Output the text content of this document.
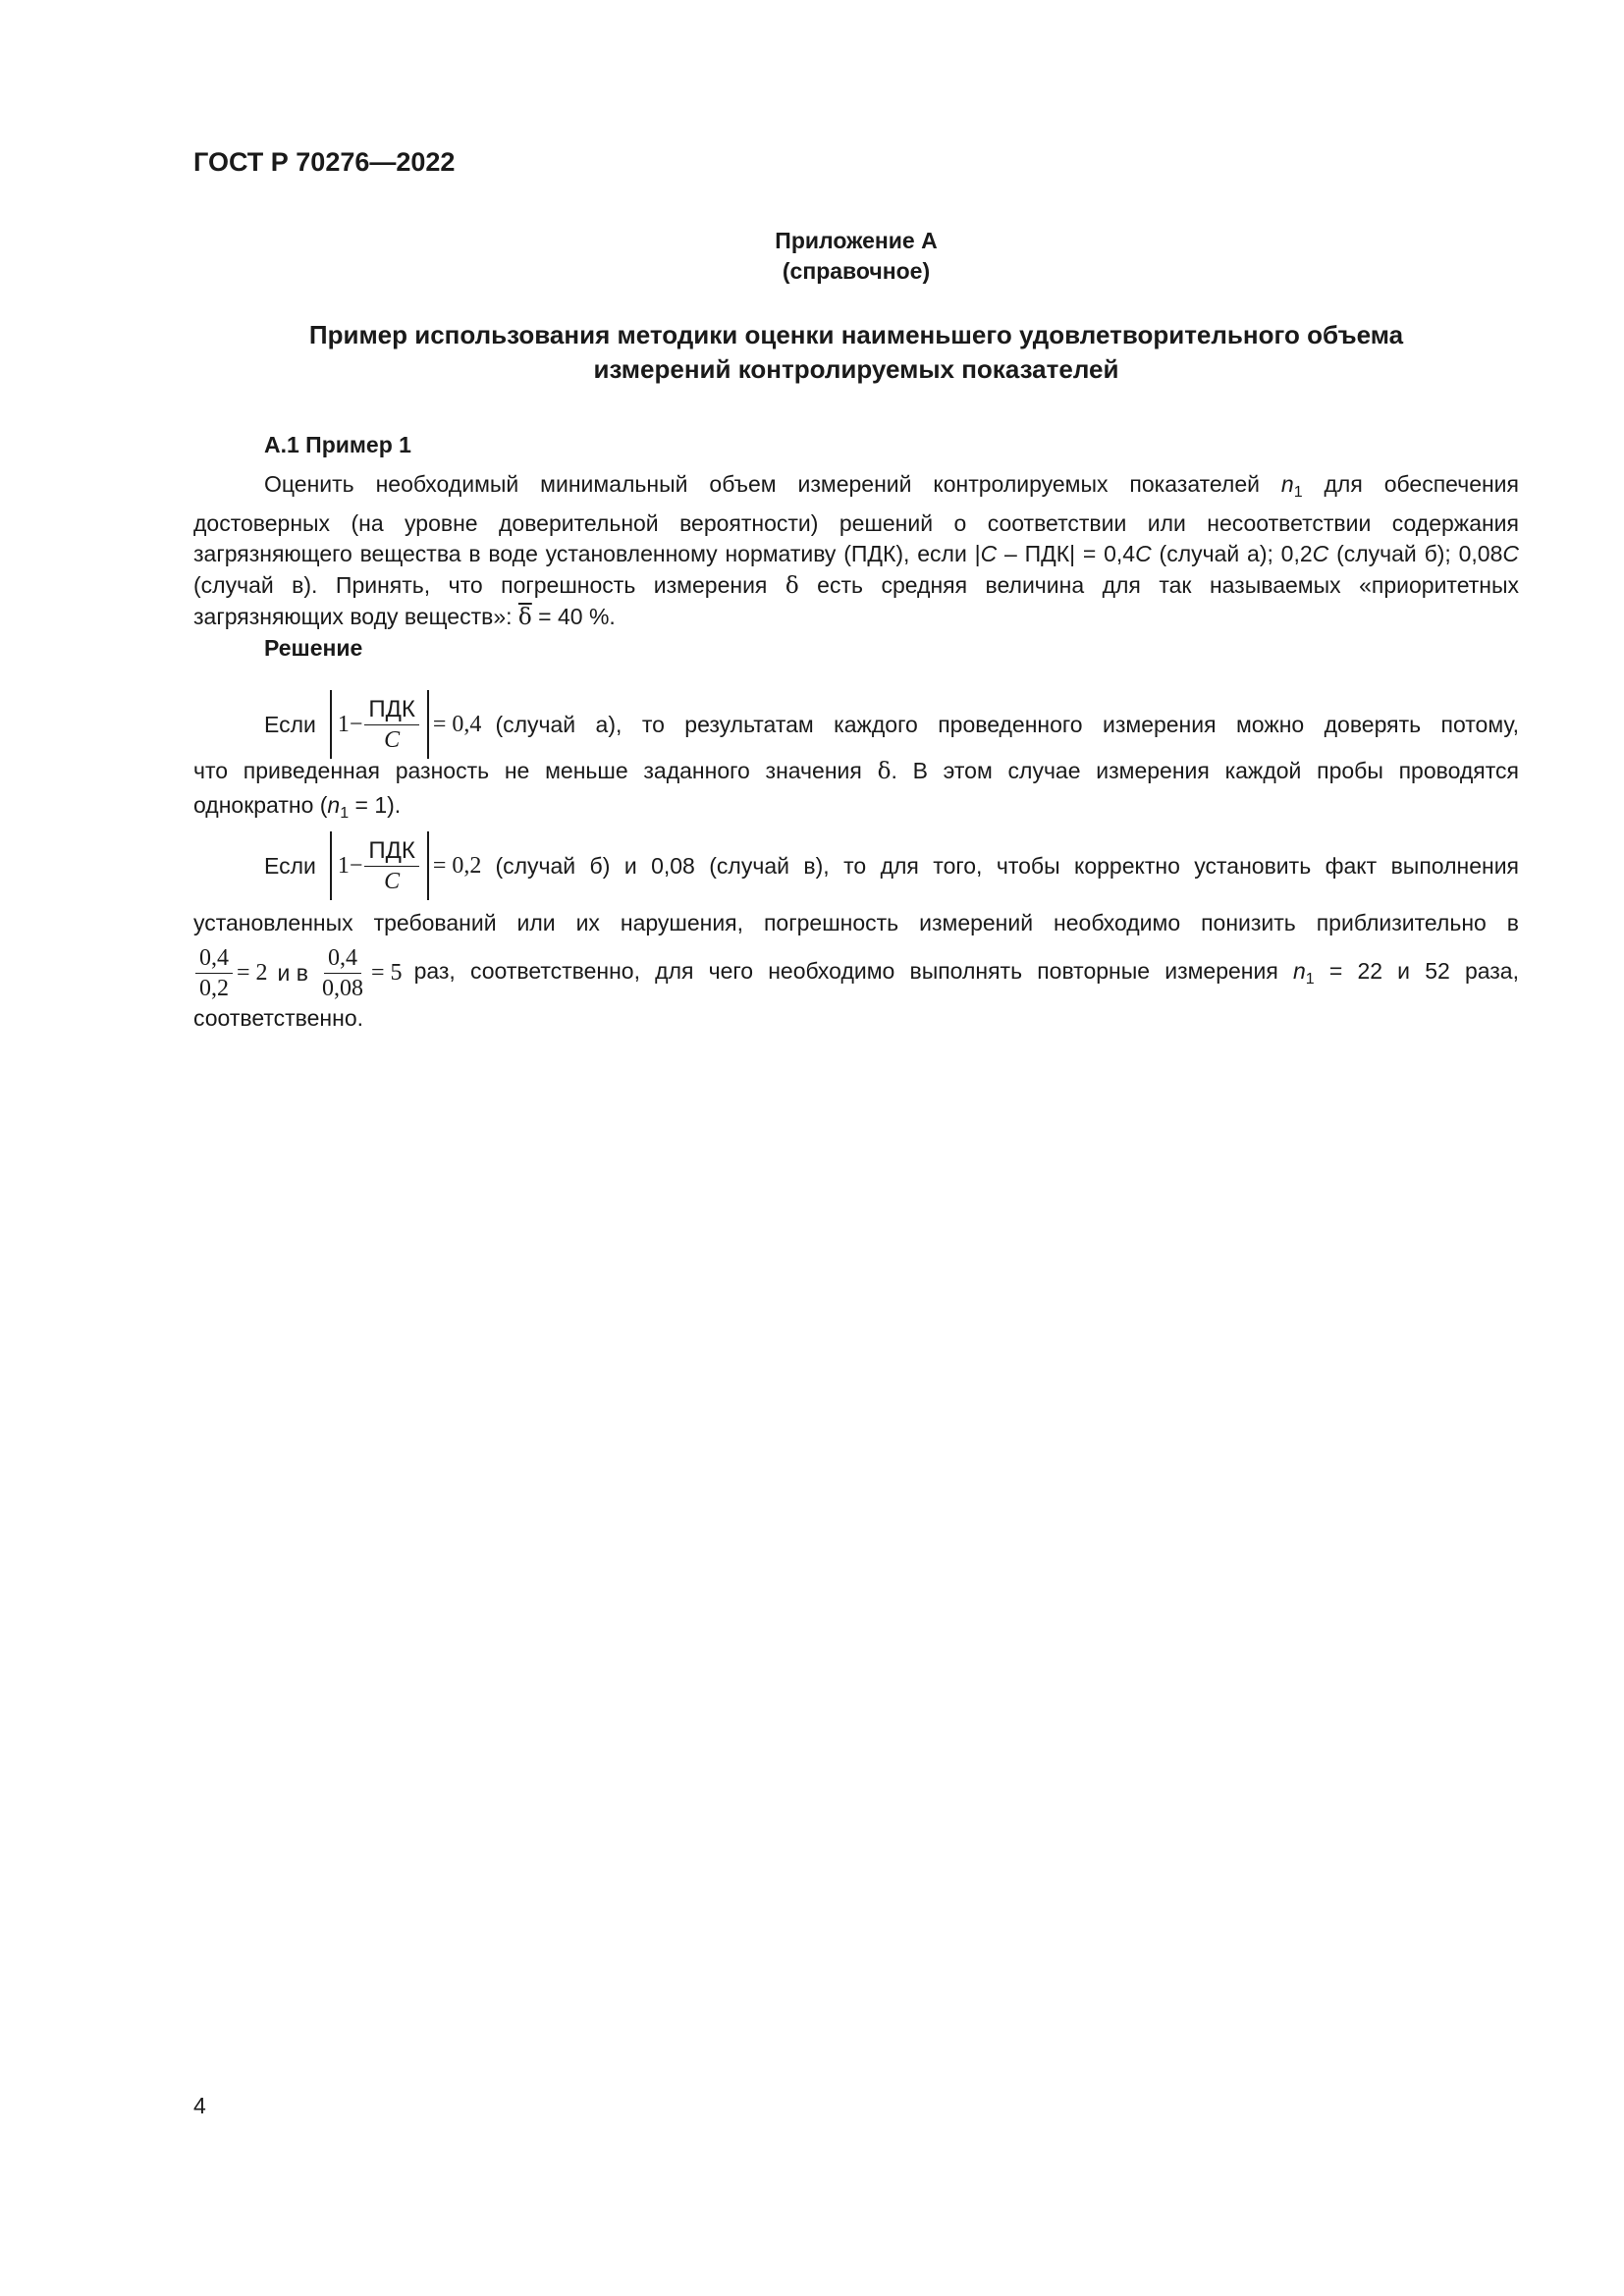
ГОСТ Р 70276—2022
Приложение А
(справочное)
Пример использования методики оценки наименьшего удовлетворительного объема
измерений контролируемых показателей
А.1 Пример 1

Оценить необходимый минимальный объем измерений контролируемых показателей $n_1$ для обеспечения достоверных (на уровне доверительной вероятности) решений о соответствии или несоответствии содержания загрязняющего вещества в воде установленному нормативу (ПДК), если |C – ПДК| = 0,4C (случай а); 0,2C (случай б); 0,08C (случай в). Принять, что погрешность измерения δ есть средняя величина для так называемых «приоритетных загрязняющих воду веществ»: $\overline{\delta} = 40$ %.

Решение
Если $1- \frac{\text{ПДК}}{C} = 0,4$ (случай а), то результатам каждого проведенного измерения можно доверять потому,
что приведенная разность не меньше заданного значения δ. В этом случае измерения каждой пробы проводятся
однократно $(n_1 = 1)$.
Если $1- \frac{\text{ПДК}}{C} = 0,2$ (случай б) и 0,08 (случай в), то для того, чтобы корректно установить факт выполнения
установленных требований или их нарушения, погрешность измерений необходимо понизить приблизительно в
$\frac{0,4}{0,2} = 2$ и в $\frac{0,4}{0,08} = 5$ раз, соответственно, для чего необходимо выполнять повторные измерения $n_1 = 22$ и 52 раза,
соответственно.
4
